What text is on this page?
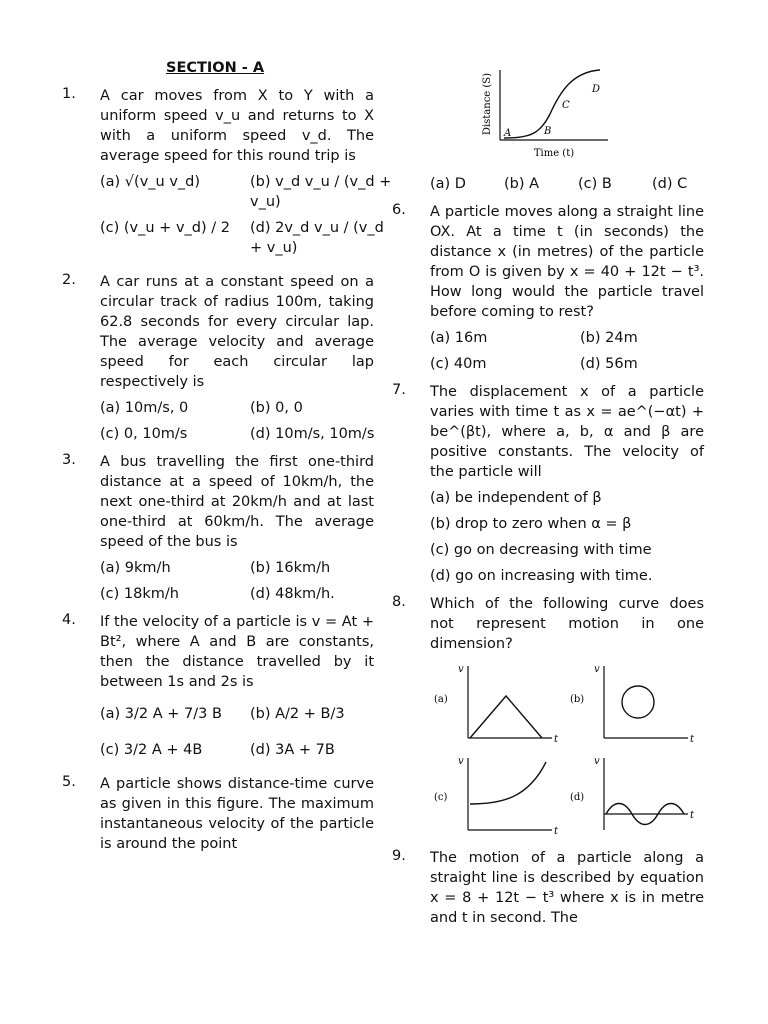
SECTION - A
1. A car moves from X to Y with a uniform speed v_u and returns to X with a uniform speed v_d. The average speed for this round trip is
(a) √(v_u v_d)	(b) v_d v_u / (v_d + v_u)
(c) (v_u + v_d) / 2	(d) 2v_d v_u / (v_d + v_u)
2. A car runs at a constant speed on a circular track of radius 100m, taking 62.8 seconds for every circular lap. The average velocity and average speed for each circular lap respectively is
(a) 10m/s, 0	(b) 0, 0
(c) 0, 10m/s	(d) 10m/s, 10m/s
3. A bus travelling the first one-third distance at a speed of 10km/h, the next one-third at 20km/h and at last one-third at 60km/h. The average speed of the bus is
(a) 9km/h	(b) 16km/h
(c) 18km/h	(d) 48km/h.
4. If the velocity of a particle is v = At + Bt², where A and B are constants, then the distance travelled by it between 1s and 2s is
(a) 3/2 A + 7/3 B	(b) A/2 + B/3
(c) 3/2 A + 4B	(d) 3A + 7B
5. A particle shows distance-time curve as given in this figure. The maximum instantaneous velocity of the particle is around the point
Distance (S)
Time (t)
A	B
C
D
(a) D	(b) A	(c) B	(d) C
6. A particle moves along a straight line OX. At a time t (in seconds) the distance x (in metres) of the particle from O is given by x = 40 + 12t − t³. How long would the particle travel before coming to rest?
(a) 16m	(b) 24m
(c) 40m	(d) 56m
7. The displacement x of a particle varies with time t as x = ae^(−αt) + be^(βt), where a, b, α and β are positive constants. The velocity of the particle will
(a) be independent of β
(b) drop to zero when α = β
(c) go on decreasing with time
(d) go on increasing with time.
8. Which of the following curve does not represent motion in one dimension?
(a)
v
t
(b)
v
t
(c)
v
t
(d)
v
t
9. The motion of a particle along a straight line is described by equation x = 8 + 12t − t³ where x is in metre and t in second. The
